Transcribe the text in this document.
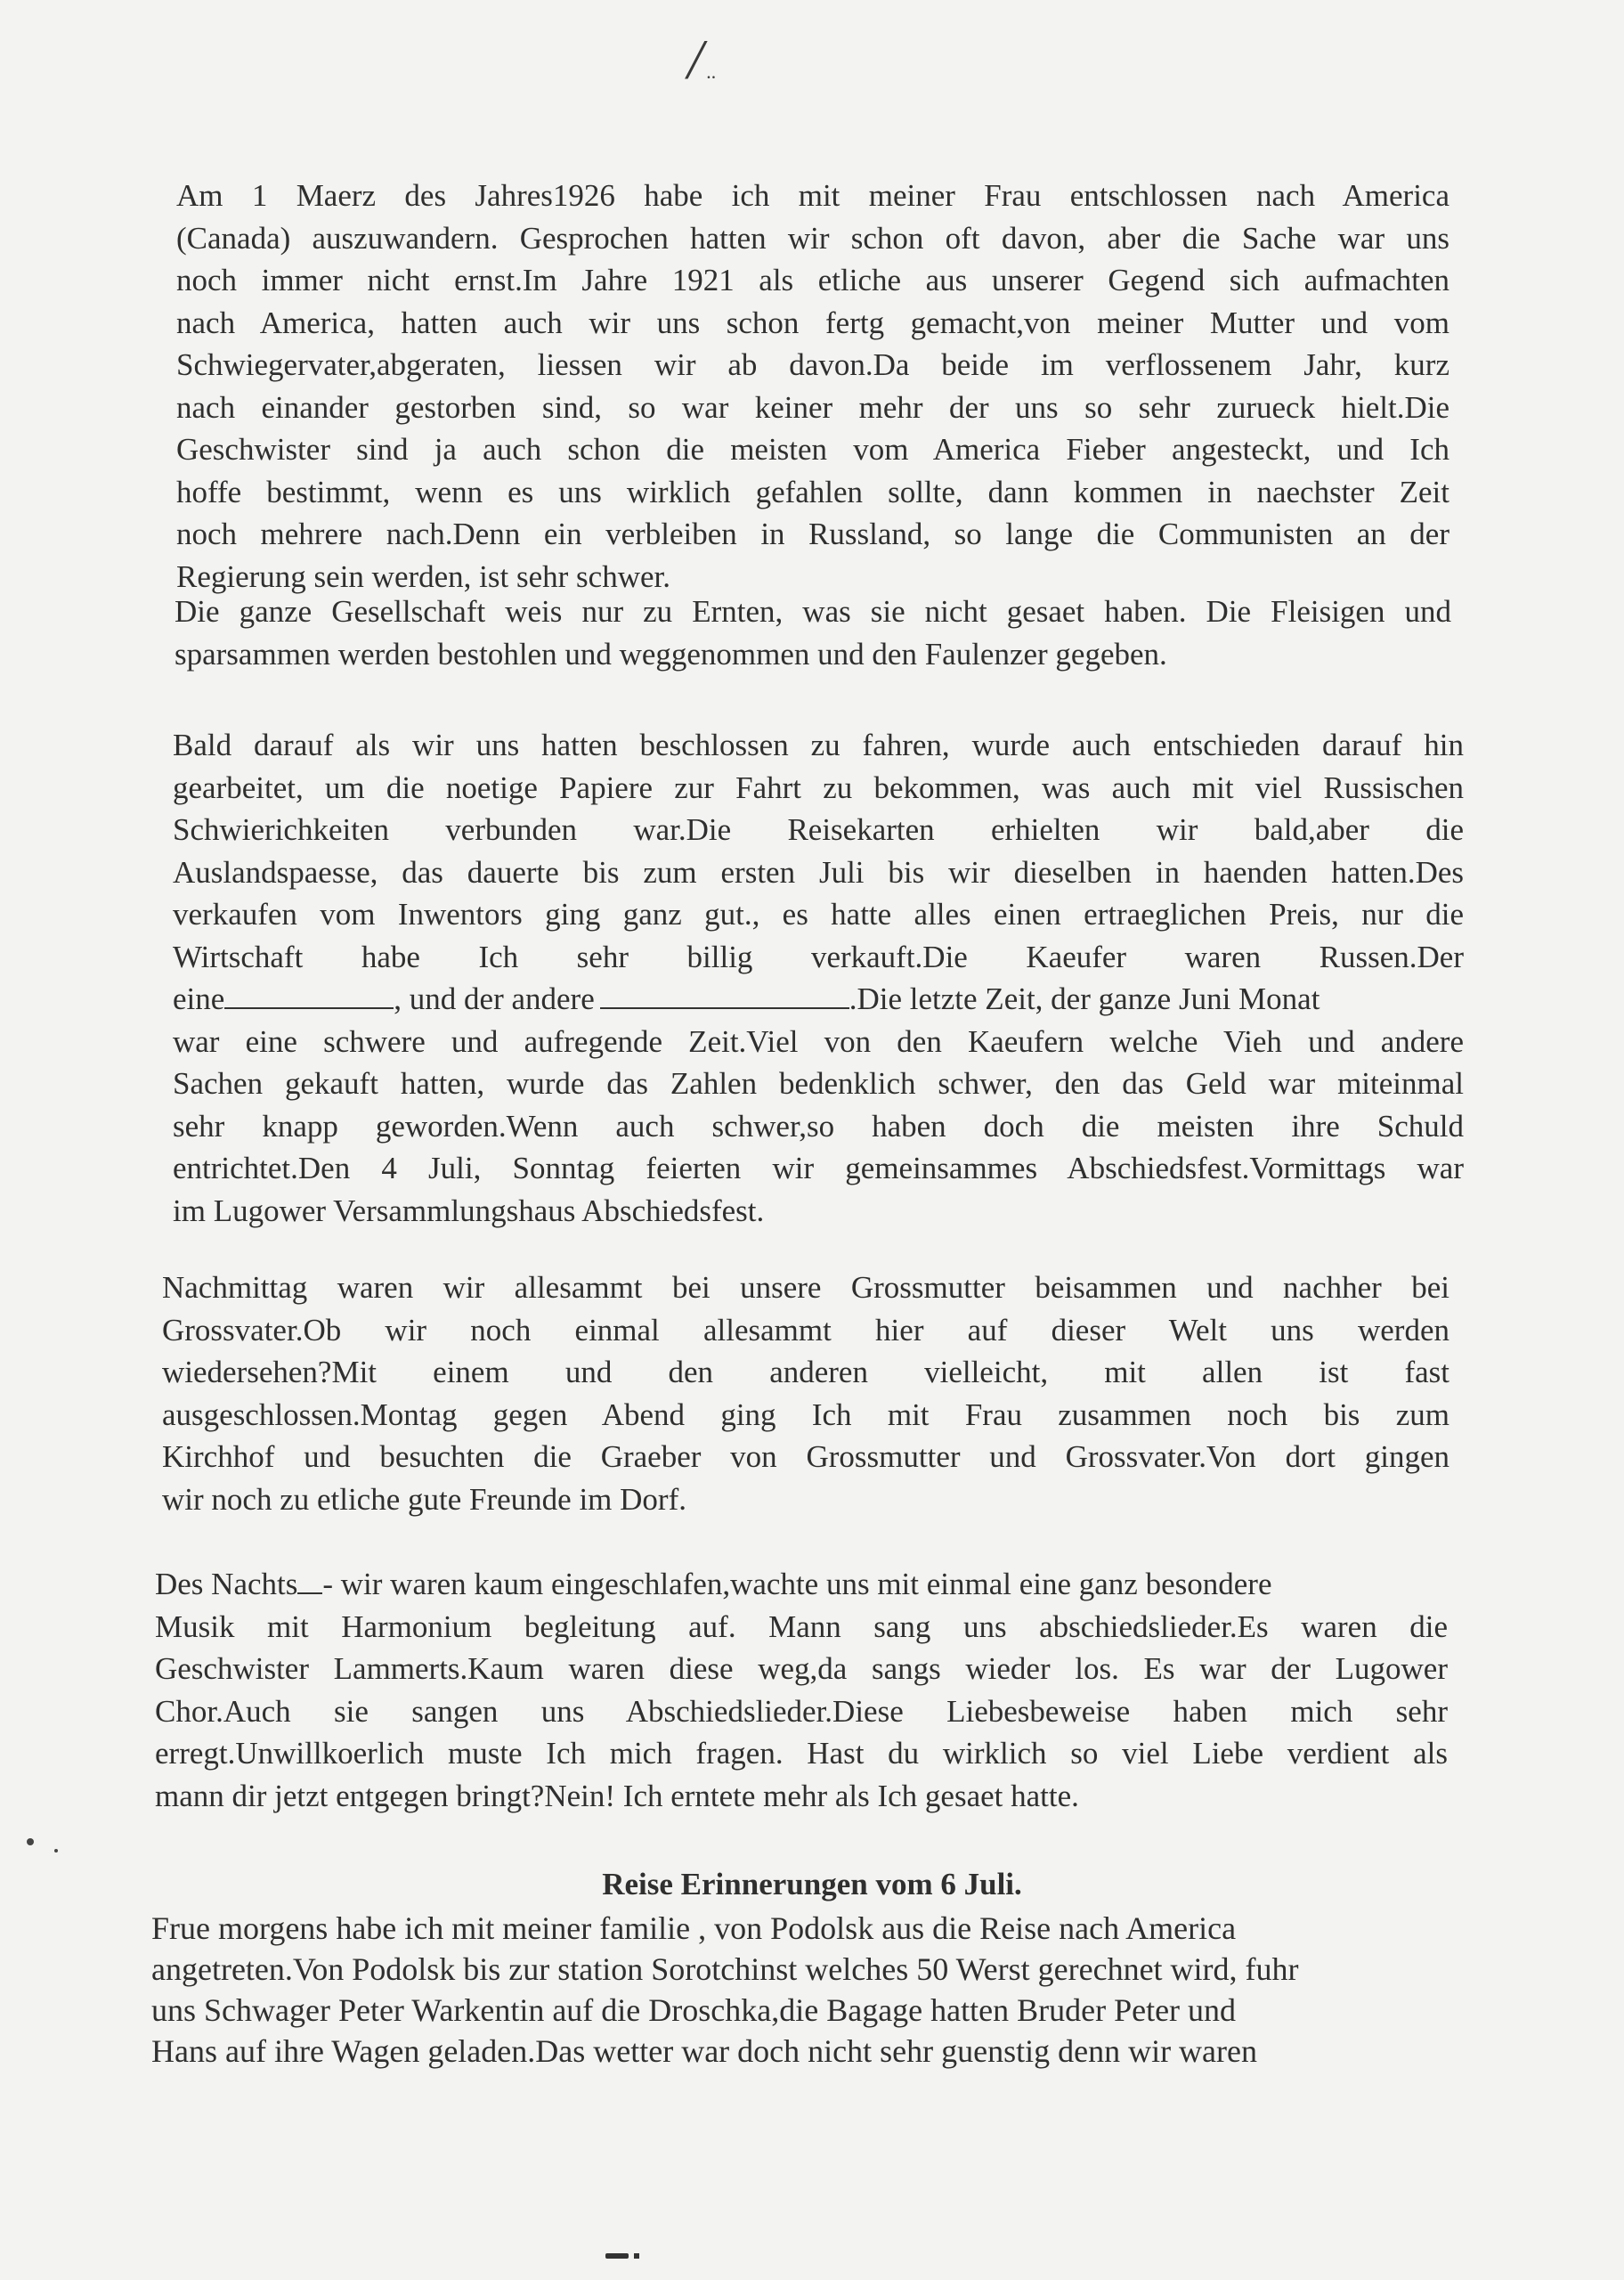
/ ..
Am 1 Maerz des Jahres1926 habe ich mit meiner Frau entschlossen nach America
(Canada) auszuwandern. Gesprochen hatten wir schon oft davon, aber die Sache war uns
noch immer nicht ernst.Im Jahre 1921 als etliche aus unserer Gegend sich aufmachten
nach America, hatten auch wir uns schon fertg gemacht,von meiner Mutter und vom
Schwiegervater,abgeraten, liessen wir ab davon.Da beide im verflossenem Jahr, kurz
nach einander gestorben sind, so war keiner mehr der uns so sehr zurueck hielt.Die
Geschwister sind ja auch schon die meisten vom America Fieber angesteckt, und Ich
hoffe bestimmt, wenn es uns wirklich gefahlen sollte, dann kommen in naechster Zeit
noch mehrere nach.Denn ein verbleiben in Russland, so lange die Communisten an der
Regierung sein werden, ist sehr schwer.
Die ganze Gesellschaft weis nur zu Ernten, was sie nicht gesaet haben. Die Fleisigen und
sparsammen werden bestohlen und weggenommen und den Faulenzer gegeben.
Bald darauf als wir uns hatten beschlossen zu fahren, wurde auch entschieden darauf hin
gearbeitet, um die noetige Papiere zur Fahrt zu bekommen, was auch mit viel Russischen
Schwierichkeiten verbunden war.Die Reisekarten erhielten wir bald,aber die
Auslandspaesse, das dauerte bis zum ersten Juli bis wir dieselben in haenden hatten.Des
verkaufen vom Inwentors ging ganz gut., es hatte alles einen ertraeglichen Preis, nur die
Wirtschaft habe Ich sehr billig verkauft.Die Kaeufer waren Russen.Der
eine	, und der andere	.Die letzte Zeit, der ganze Juni Monat
war eine schwere und aufregende Zeit.Viel von den Kaeufern welche Vieh und andere
Sachen gekauft hatten, wurde das Zahlen bedenklich schwer, den das Geld war miteinmal
sehr knapp geworden.Wenn auch schwer,so haben doch die meisten ihre Schuld
entrichtet.Den 4 Juli, Sonntag feierten wir gemeinsammes Abschiedsfest.Vormittags war
im Lugower Versammlungshaus Abschiedsfest.
Nachmittag waren wir allesammt bei unsere Grossmutter beisammen und nachher bei
Grossvater.Ob wir noch einmal allesammt hier auf dieser Welt uns werden
wiedersehen?Mit einem und den anderen vielleicht, mit allen ist fast
ausgeschlossen.Montag gegen Abend ging Ich mit Frau zusammen noch bis zum
Kirchhof und besuchten die Graeber von Grossmutter und Grossvater.Von dort gingen
wir noch zu etliche gute Freunde im Dorf.
Des Nachts - wir waren kaum eingeschlafen,wachte uns mit einmal eine ganz besondere
Musik mit Harmonium begleitung auf. Mann sang uns abschiedslieder.Es waren die
Geschwister Lammerts.Kaum waren diese weg,da sangs wieder los. Es war der Lugower
Chor.Auch sie sangen uns Abschiedslieder.Diese Liebesbeweise haben mich sehr
erregt.Unwillkoerlich muste Ich mich fragen. Hast du wirklich so viel Liebe verdient als
mann dir jetzt entgegen bringt?Nein! Ich erntete mehr als Ich gesaet hatte.
Reise Erinnerungen vom 6 Juli.
Frue morgens habe ich mit meiner familie , von Podolsk aus die Reise nach America
angetreten.Von Podolsk bis zur station Sorotchinst welches 50 Werst gerechnet wird, fuhr
uns Schwager Peter Warkentin auf die Droschka,die Bagage hatten Bruder Peter und
Hans auf ihre Wagen geladen.Das wetter war doch nicht sehr guenstig denn wir waren
